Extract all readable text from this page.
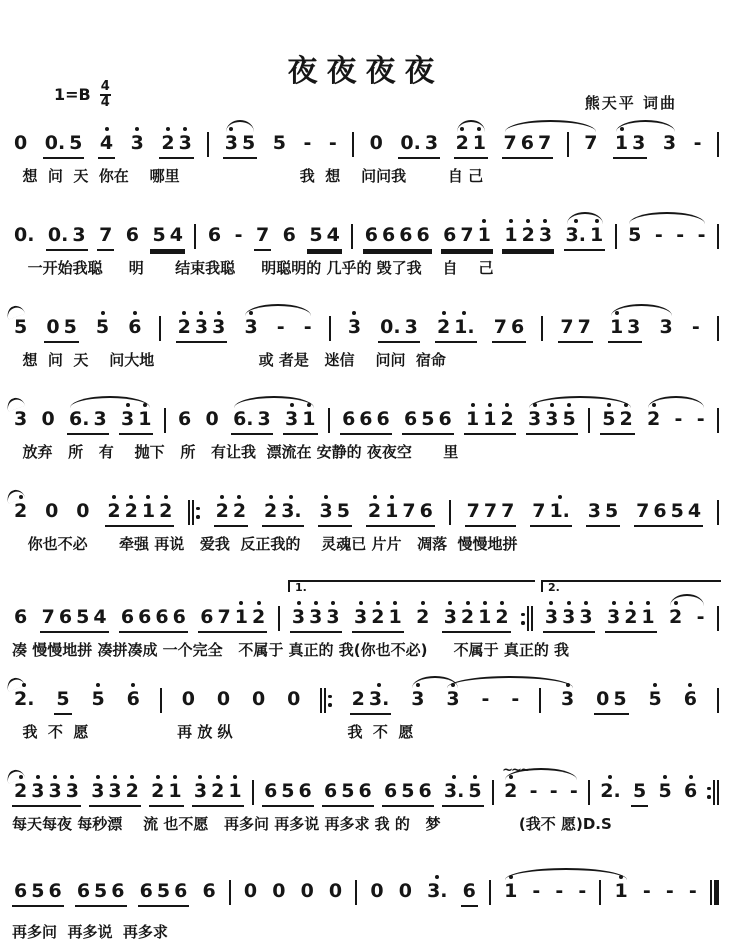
夜夜夜夜
$1=B \frac{4}{4}$	熊天平 词曲
0 0. 5 4 3 2 3 3 5 5 - - 0 0. 3 2 1 7 6 7 7 1 3 3 -
想  问  天  你在    哪里                       我  想    问问我        自 己
0. 0. 3 7 6 5 4 6 - 7 6 5 4 6 6 6 6 6 7 1 1 2 3 3. 1 5 - - -
一开始我聪     明      结束我聪     明聪明的 几乎的 毁了我    自    己
5 0 5 5 6 2 3 3 3 - - 3 0. 3 2 1. 7 6 7 7 1 3 3 -
想  问  天    问大地                    或 者是   迷信    问问  宿命
3 0 6. 3 3 1 6 0 6. 3 3 1 6 6 6 6 5 6 1 1 2 3 3 5 5 2 2 - -
放弃   所   有    抛下   所   有让我  漂流在 安静的 夜夜空      里
2 0 0 2 2 1 2 2 2 2 3. 3 5 2 1 7 6 7 7 7 7 1. 3 5 7 6 5 4
你也不必      牵强 再说   爱我  反正我的    灵魂已 片片   凋落  慢慢地拼
6 7 6 5 4 6 6 6 6 6 7 1 2 3 3 3 3 2 1 2 3 2 1 2 3 3 3 3 2 1 2 -
1.	2.
凑 慢慢地拼 凑拼凑成 一个完全   不属于 真正的 我(你也不必)     不属于 真正的 我
2. 5 5 6 0 0 0 0	2 3. 3 3 - - 3 0 5 5 6
我  不  愿                 再 放 纵                      我  不  愿
2 3 3 3 3 3 2 2 1 3 2 1 6 5 6 6 5 6 6 5 6 3. 5 2
~~~
- - - 2. 5 5 6
每天每夜 每秒漂    流 也不愿   再多问 再多说 再多求 我 的   梦               (我不 愿)D.S
6 5 6 6 5 6 6 5 6 6 0 0 0 0 0 0 3. 6 1 - - - 1 - - -
再多问  再多说  再多求
